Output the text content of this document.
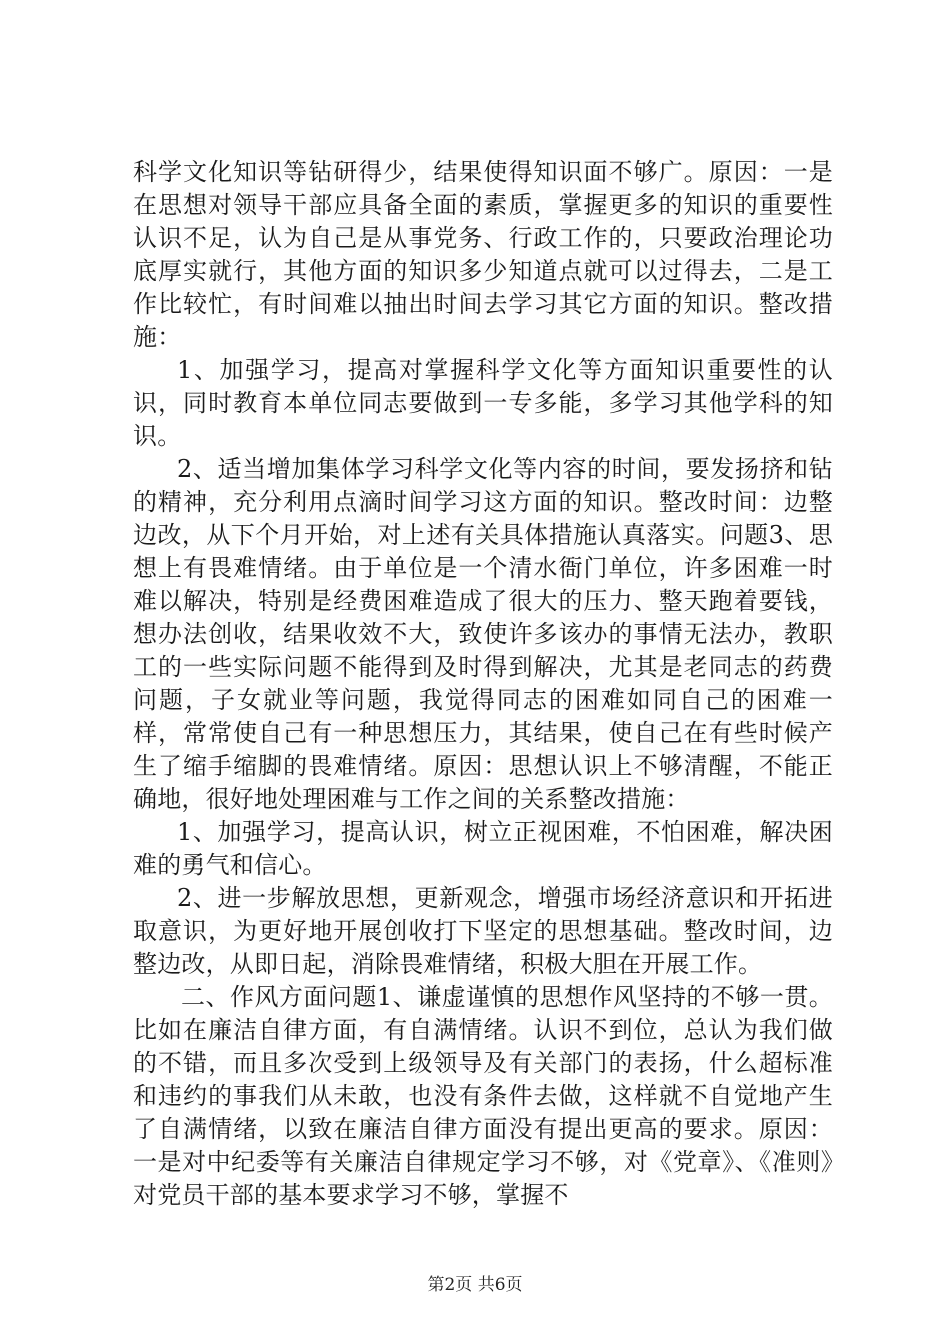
科学文化知识等钻研得少，结果使得知识面不够广。原因：一是在思想对领导干部应具备全面的素质，掌握更多的知识的重要性认识不足，认为自己是从事党务、行政工作的，只要政治理论功底厚实就行，其他方面的知识多少知道点就可以过得去，二是工作比较忙，有时间难以抽出时间去学习其它方面的知识。整改措施：

1、加强学习，提高对掌握科学文化等方面知识重要性的认识，同时教育本单位同志要做到一专多能，多学习其他学科的知识。

2、适当增加集体学习科学文化等内容的时间，要发扬挤和钻的精神，充分利用点滴时间学习这方面的知识。整改时间：边整边改，从下个月开始，对上述有关具体措施认真落实。问题3、思想上有畏难情绪。由于单位是一个清水衙门单位，许多困难一时难以解决，特别是经费困难造成了很大的压力、整天跑着要钱，想办法创收，结果收效不大，致使许多该办的事情无法办，教职工的一些实际问题不能得到及时得到解决，尤其是老同志的药费问题，子女就业等问题，我觉得同志的困难如同自己的困难一样，常常使自己有一种思想压力，其结果，使自己在有些时候产生了缩手缩脚的畏难情绪。原因：思想认识上不够清醒，不能正确地，很好地处理困难与工作之间的关系整改措施：

1、加强学习，提高认识，树立正视困难，不怕困难，解决困难的勇气和信心。

2、进一步解放思想，更新观念，增强市场经济意识和开拓进取意识，为更好地开展创收打下坚定的思想基础。整改时间，边整边改，从即日起，消除畏难情绪，积极大胆在开展工作。

二、作风方面问题1、谦虚谨慎的思想作风坚持的不够一贯。比如在廉洁自律方面，有自满情绪。认识不到位，总认为我们做的不错，而且多次受到上级领导及有关部门的表扬，什么超标准和违约的事我们从未敢，也没有条件去做，这样就不自觉地产生了自满情绪，以致在廉洁自律方面没有提出更高的要求。原因：一是对中纪委等有关廉洁自律规定学习不够，对《党章》、《准则》对党员干部的基本要求学习不够，掌握不

第2页 共6页
